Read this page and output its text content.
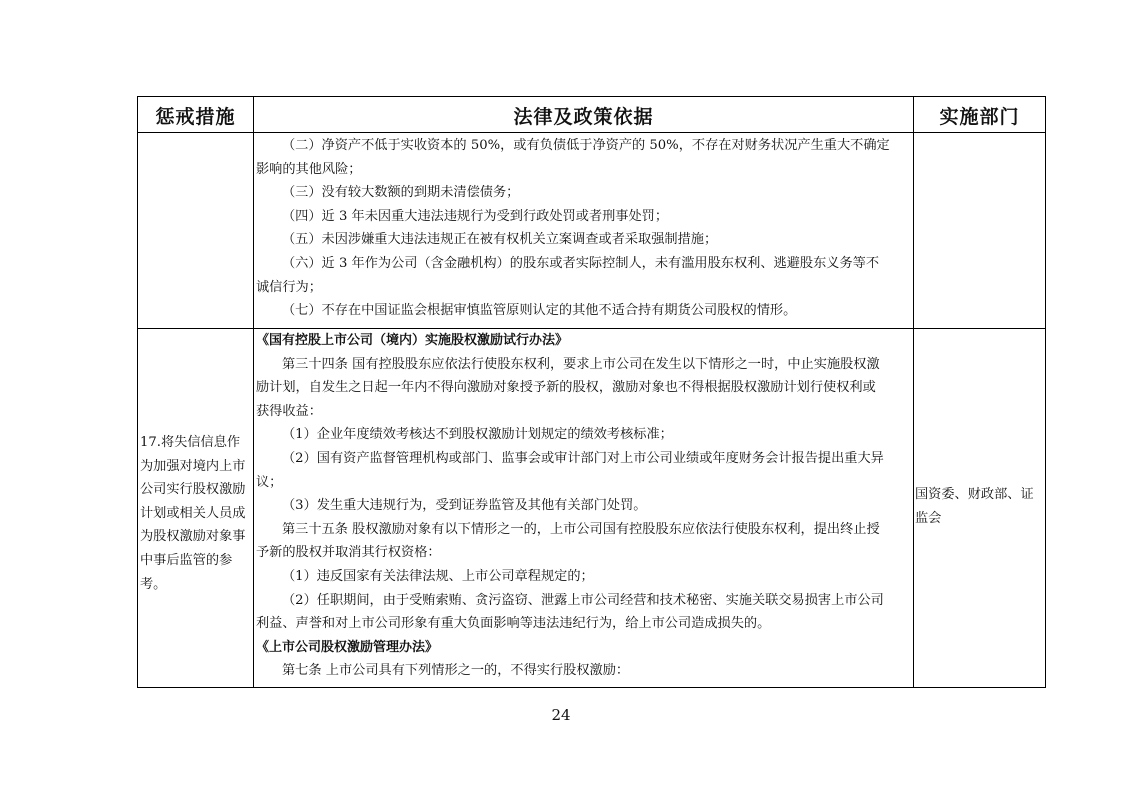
惩戒措施	法律及政策依据	实施部门
（二）净资产不低于实收资本的 50%，或有负债低于净资产的 50%，不存在对财务状况产生重大不确定
影响的其他风险；
（三）没有较大数额的到期未清偿债务；
（四）近 3 年未因重大违法违规行为受到行政处罚或者刑事处罚；
（五）未因涉嫌重大违法违规正在被有权机关立案调查或者采取强制措施；
（六）近 3 年作为公司（含金融机构）的股东或者实际控制人，未有滥用股东权利、逃避股东义务等不
诚信行为；
（七）不存在中国证监会根据审慎监管原则认定的其他不适合持有期货公司股权的情形。
《国有控股上市公司（境内）实施股权激励试行办法》
第三十四条 国有控股股东应依法行使股东权利，要求上市公司在发生以下情形之一时，中止实施股权激
励计划，自发生之日起一年内不得向激励对象授予新的股权，激励对象也不得根据股权激励计划行使权利或
获得收益：
（1）企业年度绩效考核达不到股权激励计划规定的绩效考核标准；
（2）国有资产监督管理机构或部门、监事会或审计部门对上市公司业绩或年度财务会计报告提出重大异
议；
（3）发生重大违规行为，受到证券监管及其他有关部门处罚。
第三十五条 股权激励对象有以下情形之一的，上市公司国有控股股东应依法行使股东权利，提出终止授
予新的股权并取消其行权资格：
（1）违反国家有关法律法规、上市公司章程规定的；
（2）任职期间，由于受贿索贿、贪污盗窃、泄露上市公司经营和技术秘密、实施关联交易损害上市公司
利益、声誉和对上市公司形象有重大负面影响等违法违纪行为，给上市公司造成损失的。
《上市公司股权激励管理办法》
第七条 上市公司具有下列情形之一的，不得实行股权激励：
17.将失信信息作为加强对境内上市公司实行股权激励计划或相关人员成为股权激励对象事中事后监管的参考。
国资委、财政部、证监会
24
